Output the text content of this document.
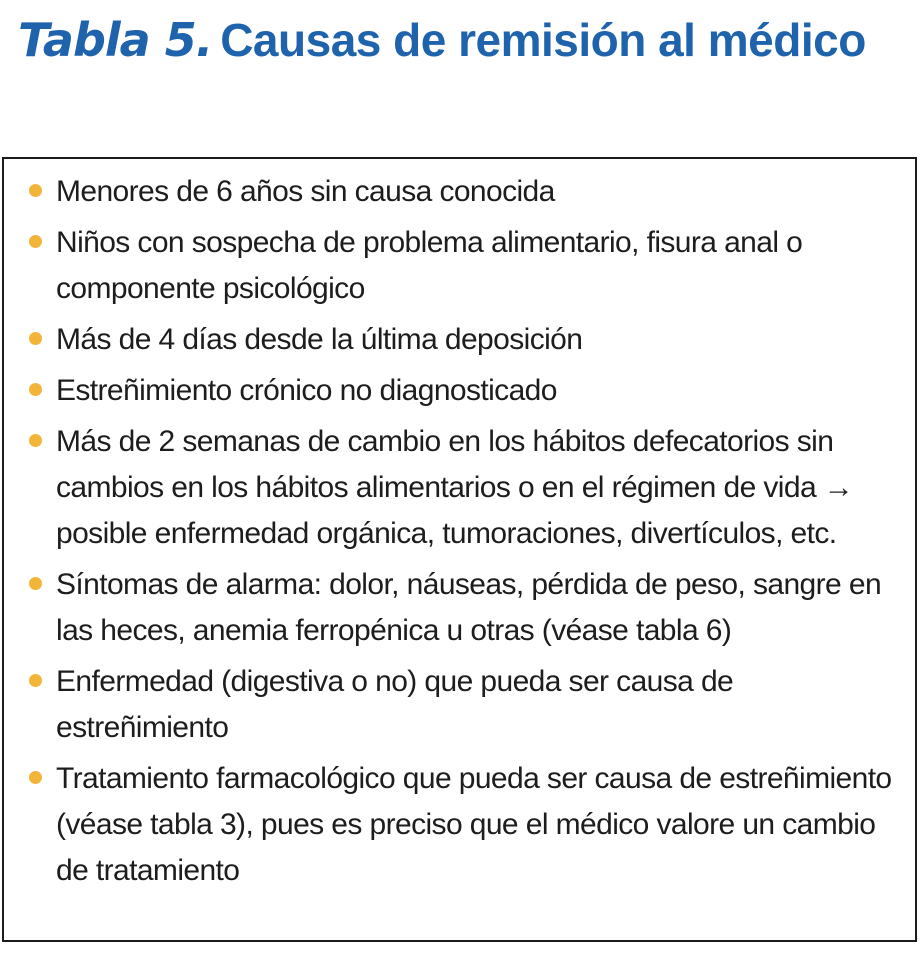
Tabla 5. Causas de remisión al médico
Menores de 6 años sin causa conocida
Niños con sospecha de problema alimentario, fisura anal o componente psicológico
Más de 4 días desde la última deposición
Estreñimiento crónico no diagnosticado
Más de 2 semanas de cambio en los hábitos defecatorios sin cambios en los hábitos alimentarios o en el régimen de vida → posible enfermedad orgánica, tumoraciones, divertículos, etc.
Síntomas de alarma: dolor, náuseas, pérdida de peso, sangre en las heces, anemia ferropénica u otras (véase tabla 6)
Enfermedad (digestiva o no) que pueda ser causa de estreñimiento
Tratamiento farmacológico que pueda ser causa de estreñimiento (véase tabla 3), pues es preciso que el médico valore un cambio de tratamiento
